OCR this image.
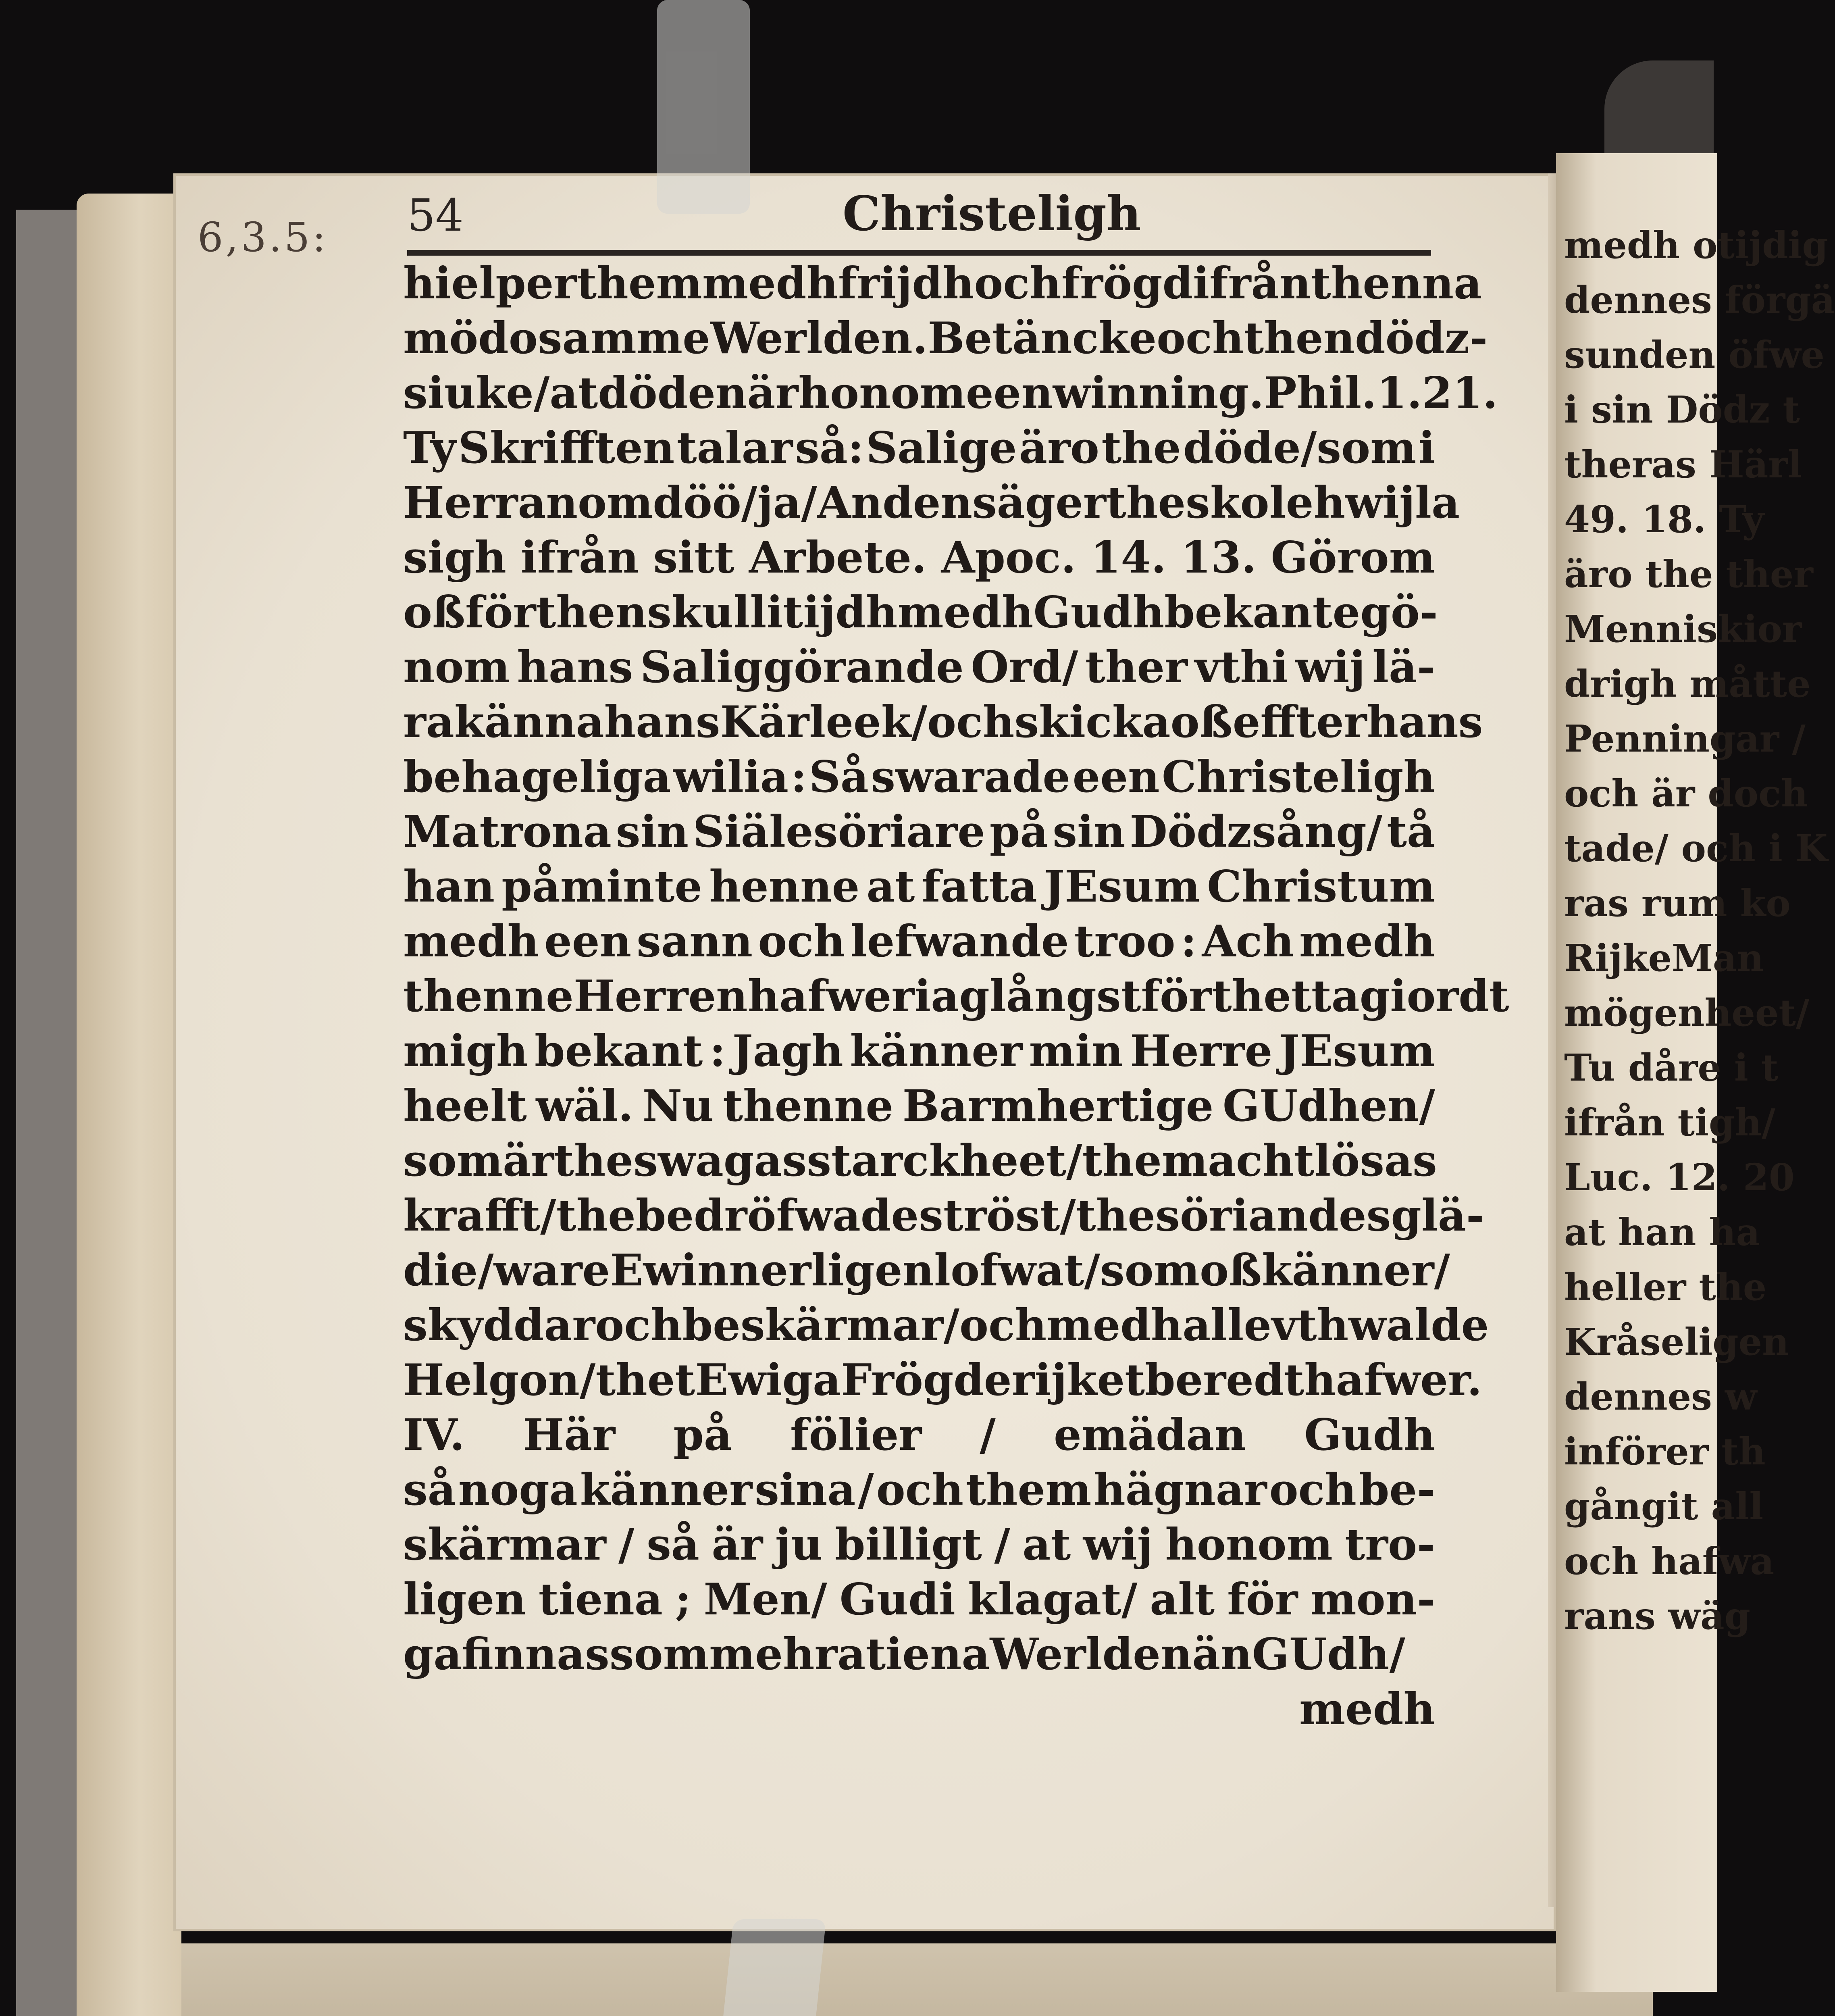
medh otijdig
dennes förgä
sunden öfwe
i sin Dödz t
theras Härl
49. 18. Ty
äro the ther
Menniskior
drigh måtte
Penningar /
och är doch
tade/ och i K
ras rum ko
RijkeMan
mögenheet/
Tu dåre i t
ifrån tigh/
Luc. 12. 20
at han ha
heller the
Kråseligen
dennes w
införer th
gångit all
och hafwa
rans wäg
6,3.5: 54	Christeligh
hielper them medh frijdh och frögd ifrån thenna
mödosamme Werlden. Betäncke och then dödz-
siuke/at döden är honom een winning. Phil. 1. 21.
Ty Skrifften talar så: Salige äro the döde/som i
Herranom döö/ ja/ Anden säger the skole hwijla
sigh ifrån sitt Arbete. Apoc. 14. 13. Görom
oß förthenskull i tijdh medh Gudh bekante gö-
nom hans Saliggörande Ord/ ther vthi wij lä-
ra känna hans Kärleek/ och skicka oß effter hans
behageliga wilia : Så swarade een Christeligh
Matrona sin Siälesöriare på sin Dödzsång/ tå
han påminte henne at fatta JEsum Christum
medh een sann och lefwande troo : Ach medh
thenne Herren hafwer iag långst för thetta giordt
migh bekant : Jagh känner min Herre JEsum
heelt wäl. Nu thenne Barmhertige GUdhen/
som är the swagas starckheet / the machtlösas
krafft/ the bedröfwades tröst/ the söriandes glä-
die/ ware Ewinnerligen lofwat/ som oß känner/
skyddar och beskärmar/ och medh alle vthwalde
Helgon/ thet Ewiga Frögderijket beredt hafwer.
IV. Här på fölier / emädan Gudh
så noga känner sina / och them hägnar och be-
skärmar / så är ju billigt / at wij honom tro-
ligen tiena ; Men/ Gudi klagat/ alt för mon-
ga finnas som mehra tiena Werlden än GUdh/
medh
